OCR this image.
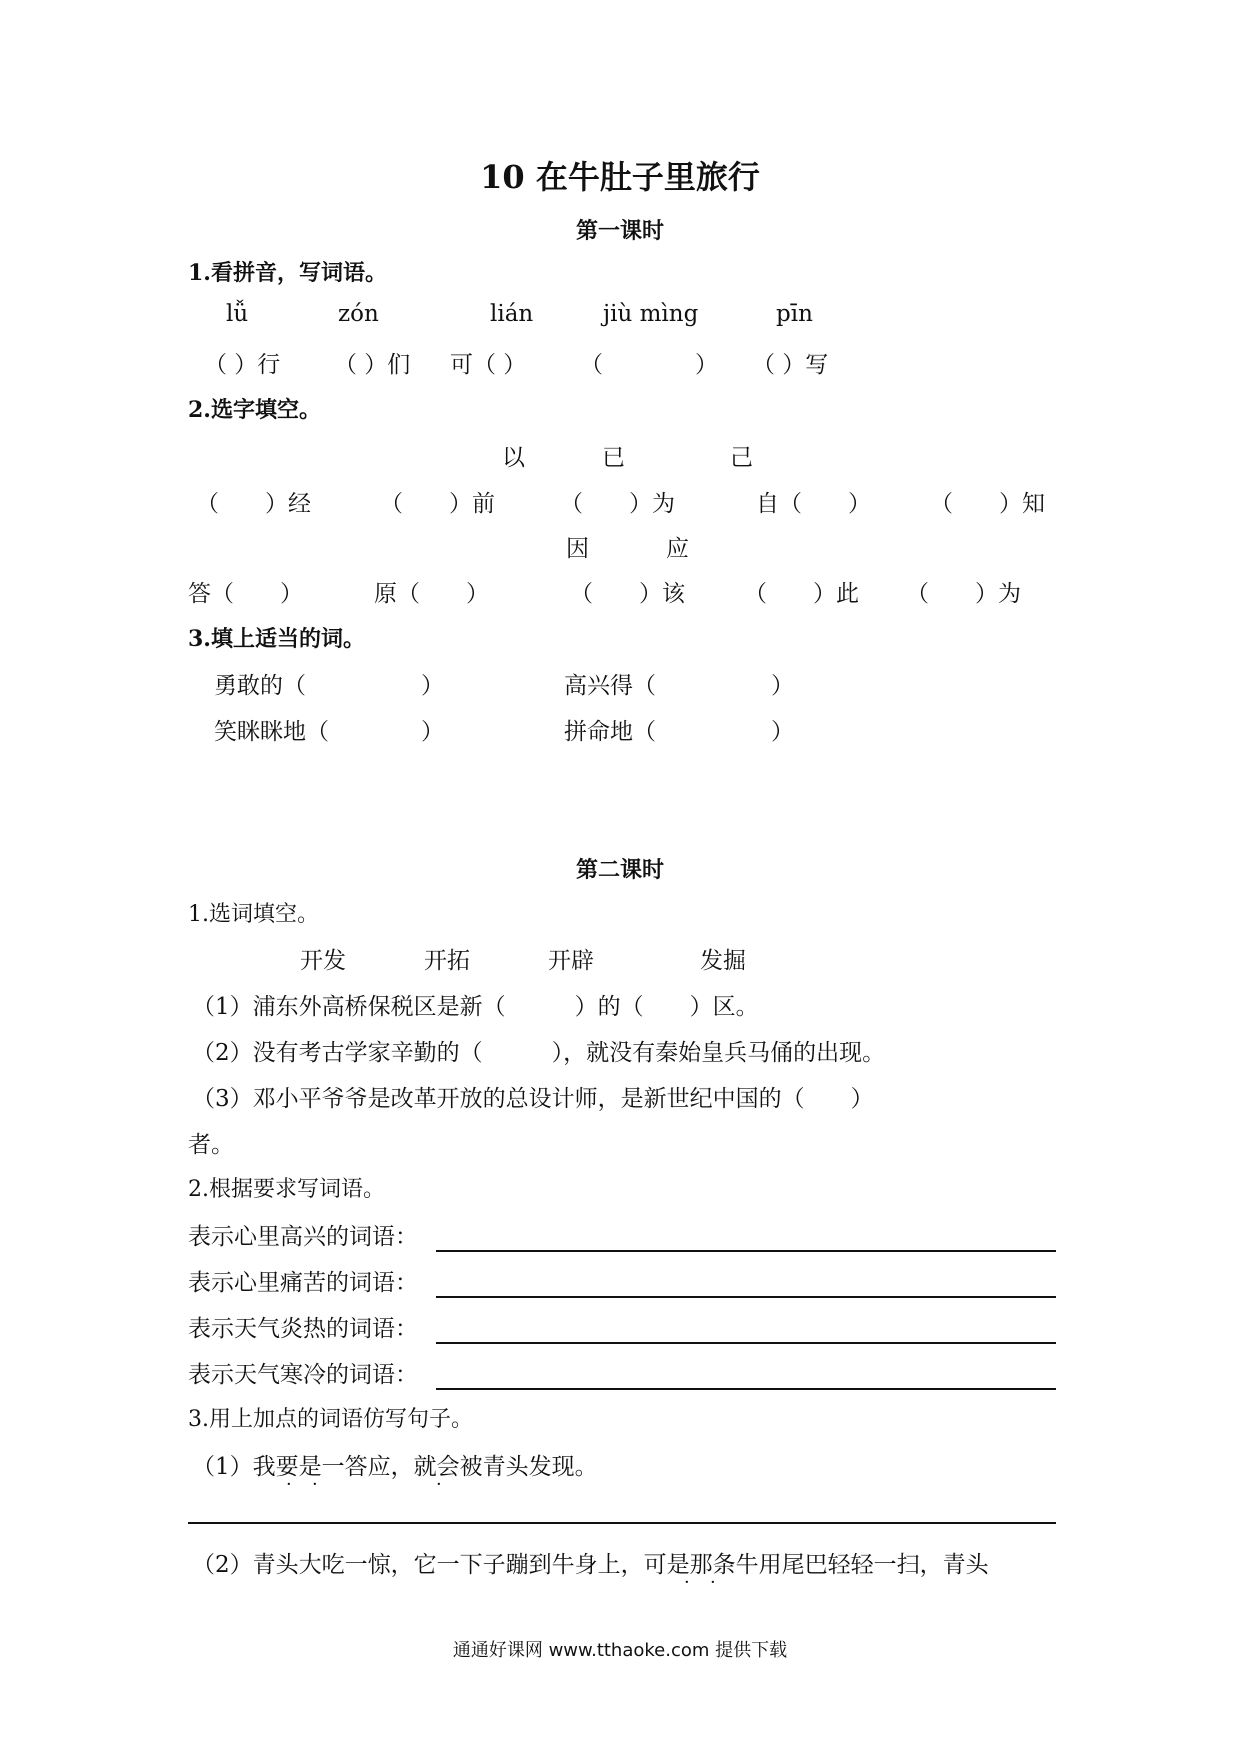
10 在牛肚子里旅行
第一课时
1.看拼音，写词语。
lǚ	zón	lián	jiù mìng	pīn
（ ）行 （ ）们 可（ ） （　　　　） （ ）写
2.选字填空。
以	已	己
（　　）经	（　　）前	（　　）为	自（　　）	（　　）知
因	应
答（　　）	原（　　）	（　　）该	（　　）此 （　　）为
3.填上适当的词。
勇敢的（　　　　　）	高兴得（　　　　　）
笑眯眯地（　　　　）	拼命地（　　　　　）
第二课时
1.选词填空。
开发	开拓	开辟	发掘
（1）浦东外高桥保税区是新（　　　）的（　　）区。
（2）没有考古学家辛勤的（　　　），就没有秦始皇兵马俑的出现。
（3）邓小平爷爷是改革开放的总设计师，是新世纪中国的（　　）
者。
2.根据要求写词语。
表示心里高兴的词语：
表示心里痛苦的词语：
表示天气炎热的词语：
表示天气寒冷的词语：
3.用上加点的词语仿写句子。
（1）我要是一答应，就会被青头发现。
· ·	·
（2）青头大吃一惊，它一下子蹦到牛身上，可是那条牛用尾巴轻轻一扫，青头
· ·
通通好课网 www.tthaoke.com 提供下载
